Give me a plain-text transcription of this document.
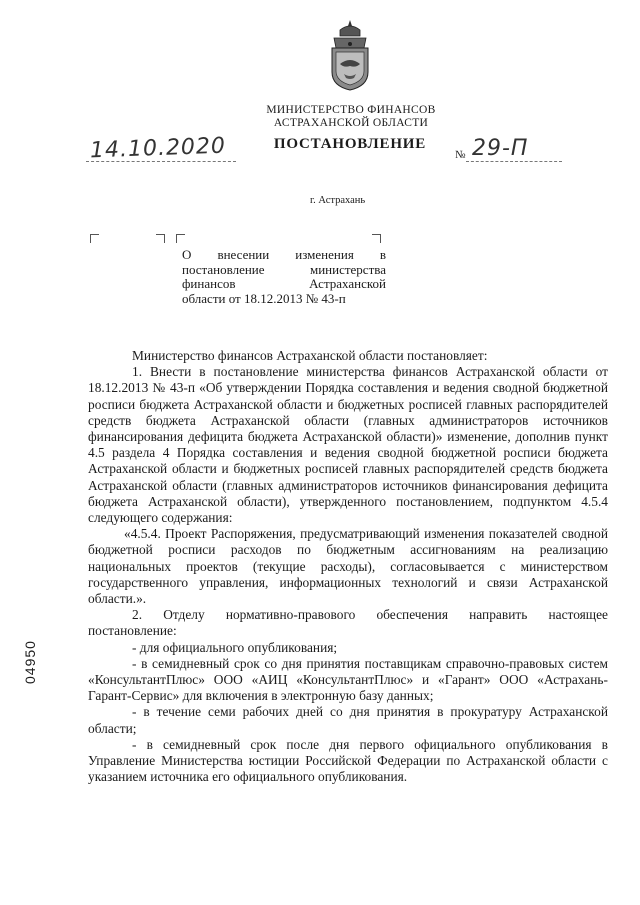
МИНИСТЕРСТВО ФИНАНСОВ
АСТРАХАНСКОЙ ОБЛАСТИ
ПОСТАНОВЛЕНИЕ
14.10.2020	№ 29-П
г. Астрахань

О внесении изменения в

постановление министерства

финансов Астраханской

области от 18.12.2013 № 43-п

Министерство финансов Астраханской области постановляет:

1. Внести в постановление министерства финансов Астраханской области от 18.12.2013 № 43-п «Об утверждении Порядка составления и ведения сводной бюджетной росписи бюджета Астраханской области и бюджетных росписей главных распорядителей средств бюджета Астраханской области (главных администраторов источников финансирования дефицита бюджета Астраханской области)» изменение, дополнив пункт 4.5 раздела 4 Порядка составления и ведения сводной бюджетной росписи бюджета Астраханской области и бюджетных росписей главных распорядителей средств бюджета Астраханской области (главных администраторов источников финансирования дефицита бюджета Астраханской области), утвержденного постановлением, подпунктом 4.5.4 следующего содержания:

«4.5.4. Проект Распоряжения, предусматривающий изменения показателей сводной бюджетной росписи расходов по бюджетным ассигнованиям на реализацию национальных проектов (текущие расходы), согласовывается с министерством государственного управления, информационных технологий и связи Астраханской области.».

2. Отделу нормативно-правового обеспечения направить настоящее постановление:

- для официального опубликования;

- в семидневный срок со дня принятия поставщикам справочно-правовых систем «КонсультантПлюс» ООО «АИЦ «КонсультантПлюс» и «Гарант» ООО «Астрахань-Гарант-Сервис» для включения в электронную базу данных;

- в течение семи рабочих дней со дня принятия в прокуратуру Астраханской области;

- в семидневный срок после дня первого официального опубликования в Управление Министерства юстиции Российской Федерации по Астраханской области с указанием источника его официального опубликования.

04950
